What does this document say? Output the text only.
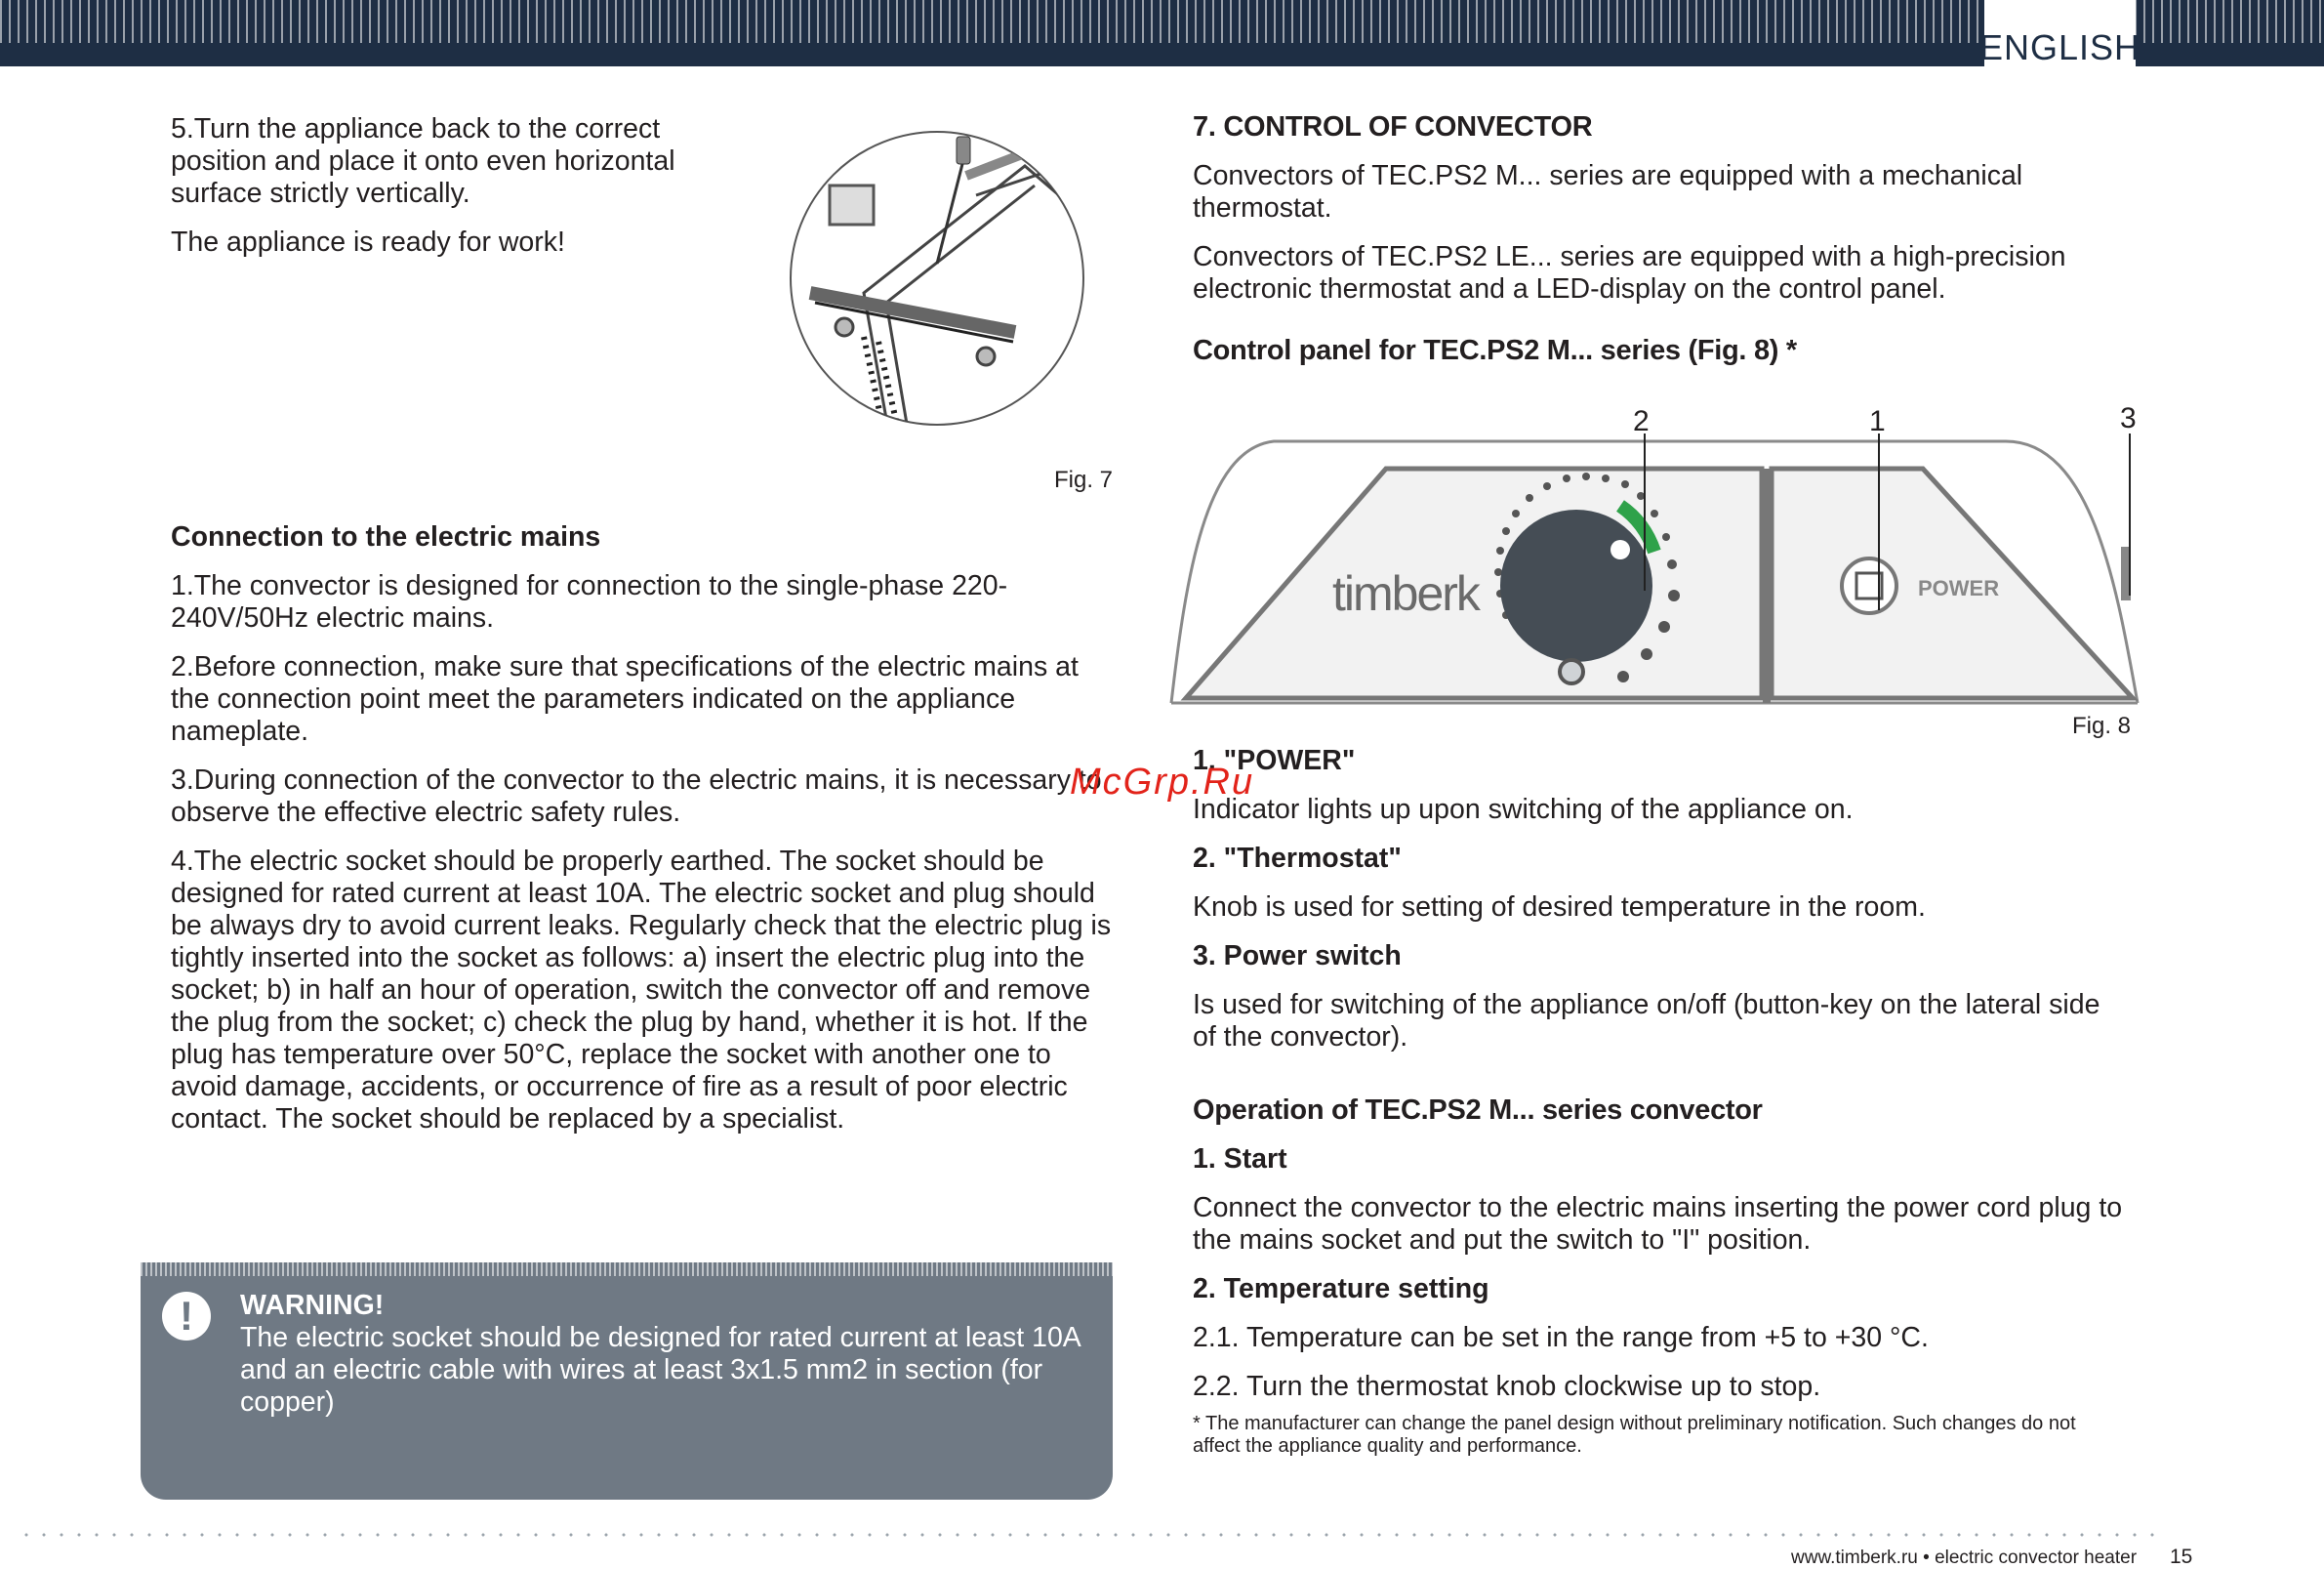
ENGLISH

5.Turn the appliance back to the correct position and place it onto even horizontal surface strictly vertically.

The appliance is ready for work!

Fig. 7
Connection to the electric mains

1.The convector is designed for connection to the single-phase 220-240V/50Hz electric mains.

2.Before connection, make sure that specifications of the electric mains at the connection point meet the parameters indicated on the appliance nameplate.

3.During connection of the convector to the electric mains, it is necessary to observe the effective electric safety rules.

4.The electric socket should be properly earthed. The socket should be designed for rated current at least 10A. The electric socket and plug should be always dry to avoid current leaks. Regularly check that the electric plug is tightly inserted into the socket as follows: a) insert the electric plug into the socket; b) in half an hour of operation, switch the convector off and remove the plug from the socket; c) check the plug by hand, whether it is hot. If the plug has temperature over 50°C, replace the socket with another one to avoid damage, accidents, or occurrence of fire as a result of poor electric contact. The socket should be replaced by a specialist.

!	WARNING!
The electric socket should be designed for rated current at least 10A and an electric cable with wires at least 3x1.5 mm2 in section (for copper)
7. CONTROL OF CONVECTOR

Convectors of TEC.PS2 M... series are equipped with a mechanical thermostat.

Convectors of TEC.PS2 LE... series are equipped with a high-precision electronic thermostat and a LED-display on the control panel.

Control panel for TEC.PS2 M... series (Fig. 8) *
timberk	POWER
2	1	3
Fig. 8
1. "POWER"

Indicator lights up upon switching of the appliance on.

2. "Thermostat"

Knob is used for setting of desired temperature in the room.

3. Power switch

Is used for switching of the appliance on/off (button-key on the lateral side of the convector).

Operation of TEC.PS2 M... series convector
1. Start

Connect the convector to the electric mains inserting the power cord plug to the mains socket and put the switch to "I" position.

2. Temperature setting

2.1. Temperature can be set in the range from +5 to +30 °C.

2.2. Turn the thermostat knob clockwise up to stop.

* The manufacturer can change the panel design without preliminary notification. Such changes do not affect the appliance quality and performance.

McGrp.Ru
www.timberk.ru • electric convector heater 15
